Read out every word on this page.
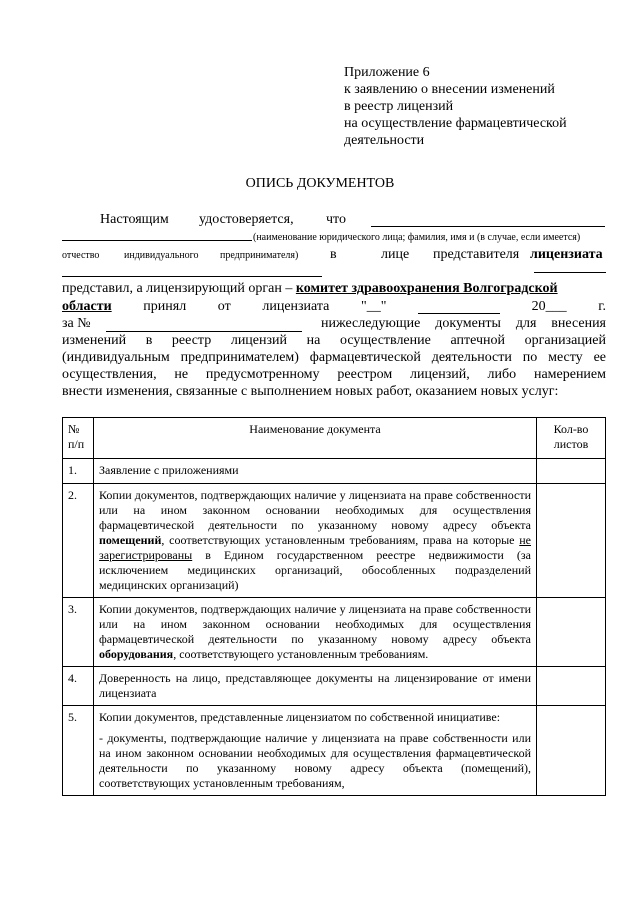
Приложение 6
к заявлению о внесении изменений
в реестр лицензий
на осуществление фармацевтической
деятельности
ОПИСЬ ДОКУМЕНТОВ
Настоящим удостоверяется, что
(наименование юридического лица; фамилия, имя и (в случае, если имеется)
отчество индивидуального предпринимателя) в	лице представителя лицензиата
представил, а лицензирующий орган – комитет здравоохранения Волгоградской
области принял от лицензиата "__"	20___ г.
за №	нижеследующие документы для внесения
изменений в реестр лицензий на осуществление аптечной организацией
(индивидуальным предпринимателем) фармацевтической деятельности по месту ее
осуществления, не предусмотренному реестром лицензий, либо намерением
внести изменения, связанные с выполнением новых работ, оказанием новых услуг:
№ п/п	Наименование документа	Кол-во листов
1.	Заявление с приложениями	
2.	Копии документов, подтверждающих наличие у лицензиата на праве собственности или на ином законном основании необходимых для осуществления фармацевтической деятельности по указанному новому адресу объекта помещений, соответствующих установленным требованиям, права на которые не зарегистрированы в Едином государственном реестре недвижимости (за исключением медицинских организаций, обособленных подразделений медицинских организаций)	
3.	Копии документов, подтверждающих наличие у лицензиата на праве собственности или на ином законном основании необходимых для осуществления фармацевтической деятельности по указанному новому адресу объекта оборудования, соответствующего установленным требованиям.	
4.	Доверенность на лицо, представляющее документы на лицензирование от имени лицензиата	
5.	Копии документов, представленные лицензиатом по собственной инициативе:

- документы, подтверждающие наличие у лицензиата на праве собственности или на ином законном основании необходимых для осуществления фармацевтической деятельности по указанному новому адресу объекта (помещений), соответствующих установленным требованиям,	
